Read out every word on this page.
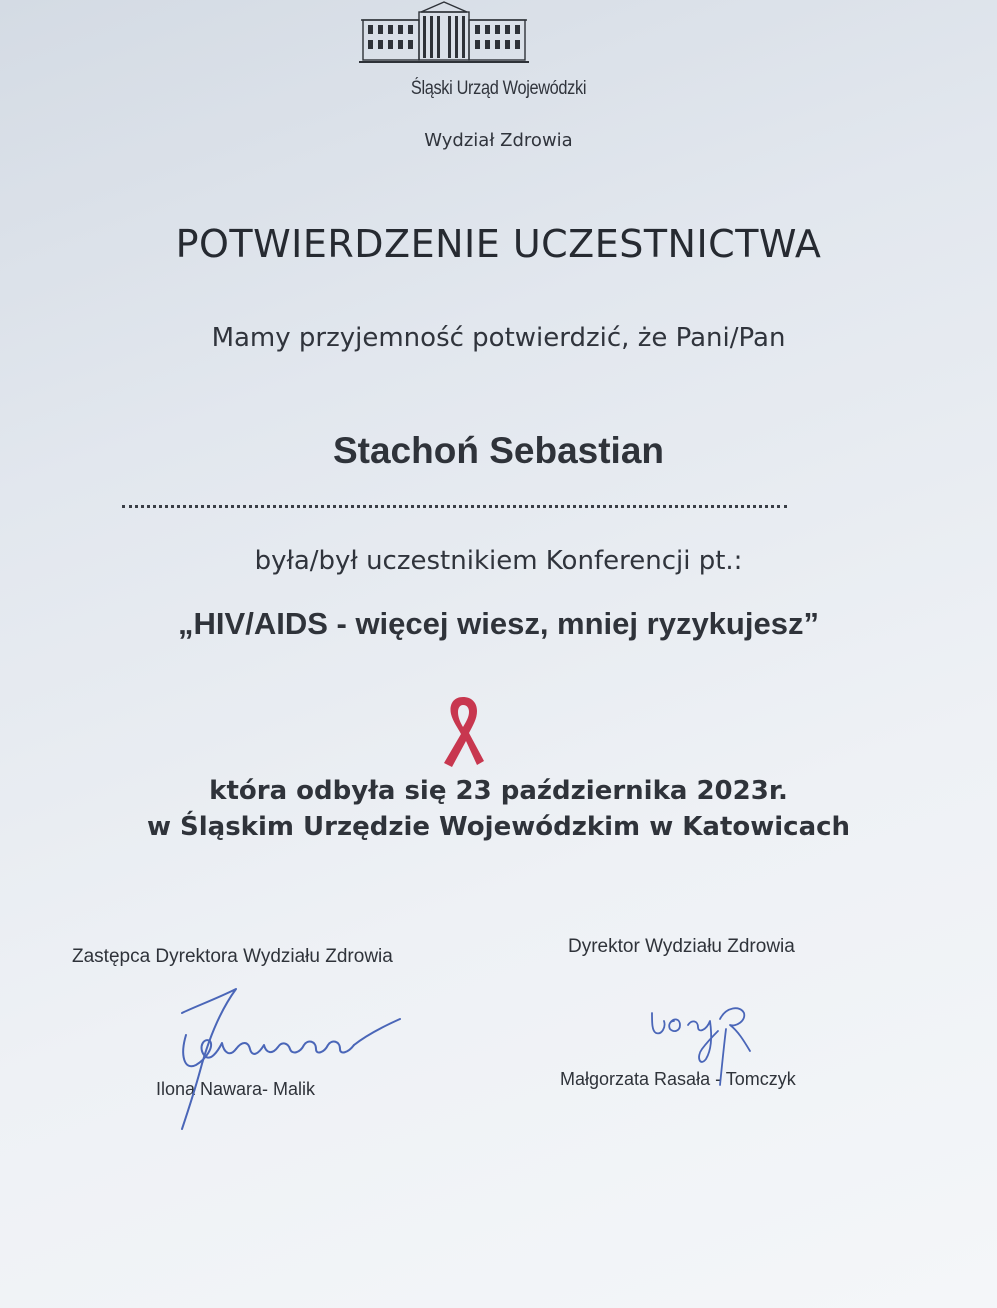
Śląski Urząd Wojewódzki
Wydział Zdrowia
POTWIERDZENIE UCZESTNICTWA
Mamy przyjemność potwierdzić, że Pani/Pan
Stachoń Sebastian
była/był uczestnikiem Konferencji pt.:
„HIV/AIDS - więcej wiesz, mniej ryzykujesz”
która odbyła się 23 października 2023r.
w Śląskim Urzędzie Wojewódzkim w Katowicach
Zastępca Dyrektora Wydziału Zdrowia	Dyrektor Wydziału Zdrowia
Ilona Nawara- Malik	Małgorzata Rasała - Tomczyk
